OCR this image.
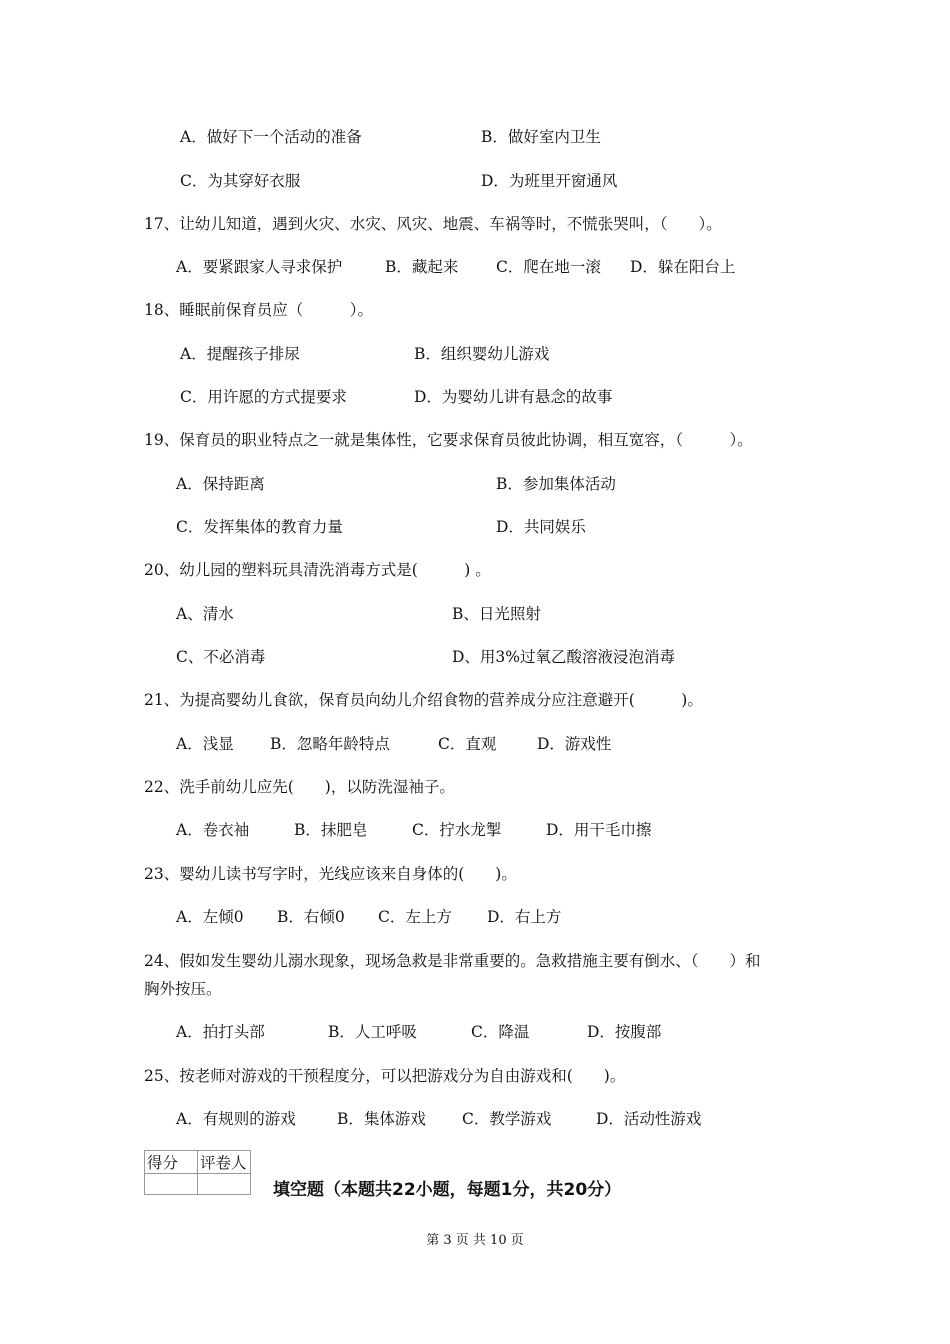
A．做好下一个活动的准备	B．做好室内卫生
C．为其穿好衣服	D．为班里开窗通风
17、让幼儿知道，遇到火灾、水灾、风灾、地震、车祸等时，不慌张哭叫，（　　）。
A．要紧跟家人寻求保护	B．藏起来 C．爬在地一滚 D．躲在阳台上
18、睡眠前保育员应（　　　）。
A．提醒孩子排尿	B．组织婴幼儿游戏
C．用许愿的方式提要求	D．为婴幼儿讲有悬念的故事
19、保育员的职业特点之一就是集体性，它要求保育员彼此协调，相互宽容，（　　　）。
A．保持距离	B．参加集体活动
C．发挥集体的教育力量	D．共同娱乐
20、幼儿园的塑料玩具清洗消毒方式是(　　　) 。
A、清水	B、日光照射
C、不必消毒	D、用3%过氧乙酸溶液浸泡消毒
21、为提高婴幼儿食欲，保育员向幼儿介绍食物的营养成分应注意避开(　　　)。
A．浅显 B．忽略年龄特点	C．直观	D．游戏性
22、洗手前幼儿应先(　　)，以防洗湿袖子。
A．卷衣袖	B．抹肥皂	C．拧水龙掣	D．用干毛巾擦
23、婴幼儿读书写字时，光线应该来自身体的(　　)。
A．左倾0 B．右倾0 C．左上方 D．右上方
24、假如发生婴幼儿溺水现象，现场急救是非常重要的。急救措施主要有倒水、（　　）和
胸外按压。
A．拍打头部	B．人工呼吸	C．降温	D．按腹部
25、按老师对游戏的干预程度分，可以把游戏分为自由游戏和(　　)。
A．有规则的游戏	B．集体游戏 C．教学游戏	D．活动性游戏
得分	评卷人

填空题（本题共22小题，每题1分，共20分）
第 3 页 共 10 页
